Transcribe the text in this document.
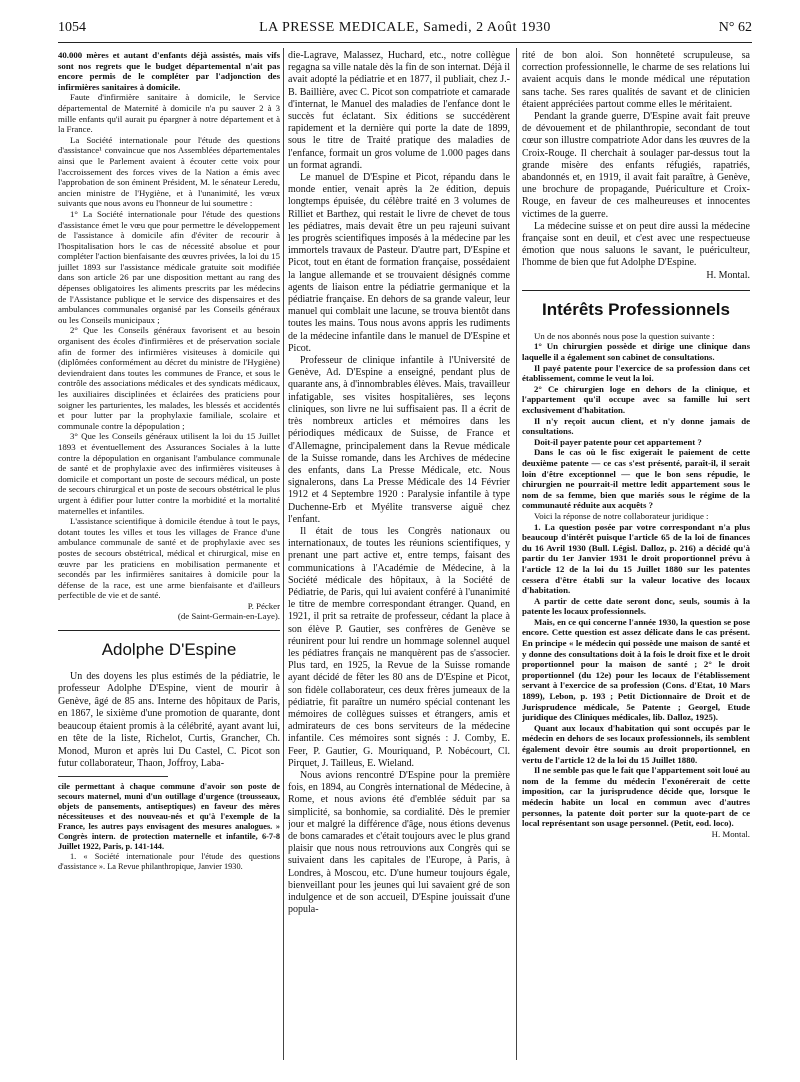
1054	LA PRESSE MEDICALE, Samedi, 2 Août 1930	N° 62

40.000 mères et autant d'enfants déjà assistés, mais vifs sont nos regrets que le budget départemental n'ait pas encore permis de le compléter par l'adjonction des infirmières sanitaires à domicile.

Faute d'infirmière sanitaire à domicile, le Service départemental de Maternité à domicile n'a pu sauver 2 à 3 mille enfants qu'il aurait pu épargner à notre département et à la France.

La Société internationale pour l'étude des questions d'assistance¹ convaincue que nos Assemblées départementales ainsi que le Parlement avaient à écouter cette voix pour l'accroissement des forces vives de la Nation a émis avec l'approbation de son éminent Président, M. le sénateur Leredu, ancien ministre de l'Hygiène, et à l'unanimité, les vœux suivants que nous avons eu l'honneur de lui soumettre :

1° La Société internationale pour l'étude des questions d'assistance émet le vœu que pour permettre le développement de l'assistance à domicile afin d'éviter de recourir à l'hospitalisation hors le cas de nécessité absolue et pour compléter l'action bienfaisante des œuvres privées, la loi du 15 juillet 1893 sur l'assistance médicale gratuite soit modifiée dans son article 26 par une disposition mettant au rang des dépenses obligatoires les aliments prescrits par les médecins de l'Assistance publique et le service des dispensaires et des ambulances communales organisé par les Conseils généraux ou les Conseils municipaux ;

2° Que les Conseils généraux favorisent et au besoin organisent des écoles d'infirmières et de préservation sociale afin de former des infirmières visiteuses à domicile qui (diplômées conformément au décret du ministre de l'Hygiène) deviendraient dans toutes les communes de France, et sous le contrôle des associations médicales et des syndicats médicaux, les auxiliaires disciplinées et éclairées des praticiens pour soigner les parturientes, les malades, les blessés et accidentés et pour lutter par la prophylaxie familiale, scolaire et communale contre la dépopulation ;

3° Que les Conseils généraux utilisent la loi du 15 Juillet 1893 et éventuellement des Assurances Sociales à la lutte contre la dépopulation en organisant l'ambulance communale de santé et de prophylaxie avec des infirmières visiteuses à domicile et comportant un poste de secours médical, un poste de secours chirurgical et un poste de secours obstétrical le plus urgent à édifier pour lutter contre la morbidité et la mortalité maternelles et infantiles.

L'assistance scientifique à domicile étendue à tout le pays, dotant toutes les villes et tous les villages de France d'une ambulance communale de santé et de prophylaxie avec ses postes de secours obstétrical, médical et chirurgical, mise en œuvre par les praticiens en mobilisation permanente et secondés par les infirmières sanitaires à domicile pour la défense de la race, est une arme bienfaisante et d'ailleurs perfectible de vie et de santé.

P. Pécker

(de Saint-Germain-en-Laye).

Adolphe D'Espine

Un des doyens les plus estimés de la pédiatrie, le professeur Adolphe D'Espine, vient de mourir à Genève, âgé de 85 ans. Interne des hôpitaux de Paris, en 1867, le sixième d'une promotion de quarante, dont beaucoup étaient promis à la célébrité, ayant avant lui, en tête de la liste, Richelot, Curtis, Grancher, Ch. Monod, Muron et après lui Du Castel, C. Picot son futur collaborateur, Thaon, Joffroy, Laba-

cile permettant à chaque commune d'avoir son poste de secours maternel, muni d'un outillage d'urgence (trousseaux, objets de pansements, antiseptiques) en faveur des mères nécessiteuses et des nouveau-nés et qu'à l'exemple de la France, les autres pays envisagent des mesures analogues. » Congrès intern. de protection maternelle et infantile, 6-7-8 Juillet 1922, Paris, p. 141-144.

1. « Société internationale pour l'étude des questions d'assistance ». La Revue philanthropique, Janvier 1930.

die-Lagrave, Malassez, Huchard, etc., notre collègue regagna sa ville natale dès la fin de son internat. Déjà il avait adopté la pédiatrie et en 1877, il publiait, chez J.-B. Baillière, avec C. Picot son compatriote et camarade d'internat, le Manuel des maladies de l'enfance dont le succès fut éclatant. Six éditions se succédèrent rapidement et la dernière qui porte la date de 1899, sous le titre de Traité pratique des maladies de l'enfance, formait un gros volume de 1.000 pages dans un format agrandi.

Le manuel de D'Espine et Picot, répandu dans le monde entier, venait après la 2e édition, depuis longtemps épuisée, du célèbre traité en 3 volumes de Rilliet et Barthez, qui restait le livre de chevet de tous les pédiatres, mais devait être un peu rajeuni suivant les progrès scientifiques imposés à la médecine par les immortels travaux de Pasteur. D'autre part, D'Espine et Picot, tout en étant de formation française, possédaient la langue allemande et se trouvaient désignés comme agents de liaison entre la pédiatrie germanique et la pédiatrie française. En dehors de sa grande valeur, leur manuel qui comblait une lacune, se trouva bientôt dans toutes les mains. Tous nous avons appris les rudiments de la médecine infantile dans le manuel de D'Espine et Picot.

Professeur de clinique infantile à l'Université de Genève, Ad. D'Espine a enseigné, pendant plus de quarante ans, à d'innombrables élèves. Mais, travailleur infatigable, ses visites hospitalières, ses leçons cliniques, son livre ne lui suffisaient pas. Il a écrit de très nombreux articles et mémoires dans les périodiques médicaux de Suisse, de France et d'Allemagne, principalement dans la Revue médicale de la Suisse romande, dans les Archives de médecine des enfants, dans La Presse Médicale, etc. Nous signalerons, dans La Presse Médicale des 14 Février 1912 et 4 Septembre 1920 : Paralysie infantile à type Duchenne-Erb et Myélite transverse aiguë chez l'enfant.

Il était de tous les Congrès nationaux ou internationaux, de toutes les réunions scientifiques, y prenant une part active et, entre temps, faisant des communications à l'Académie de Médecine, à la Société médicale des hôpitaux, à la Société de Pédiatrie, de Paris, qui lui avaient conféré à l'unanimité le titre de membre correspondant étranger. Quand, en 1921, il prit sa retraite de professeur, cédant la place à son élève P. Gautier, ses confrères de Genève se réunirent pour lui rendre un hommage solennel auquel les pédiatres français ne manquèrent pas de s'associer. Plus tard, en 1925, la Revue de la Suisse romande ayant décidé de fêter les 80 ans de D'Espine et Picot, son fidèle collaborateur, ces deux frères jumeaux de la pédiatrie, fit paraître un numéro spécial contenant les mémoires de collègues suisses et étrangers, amis et admirateurs de ces bons serviteurs de la médecine infantile. Ces mémoires sont signés : J. Comby, E. Feer, P. Gautier, G. Mouriquand, P. Nobécourt, Cl. Pirquet, J. Tailleus, E. Wieland.

Nous avions rencontré D'Espine pour la première fois, en 1894, au Congrès international de Médecine, à Rome, et nous avions été d'emblée séduit par sa simplicité, sa bonhomie, sa cordialité. Dès le premier jour et malgré la différence d'âge, nous étions devenus de bons camarades et c'était toujours avec le plus grand plaisir que nous nous retrouvions aux Congrès qui se suivaient dans les capitales de l'Europe, à Paris, à Londres, à Moscou, etc. D'une humeur toujours égale, bienveillant pour les jeunes qui lui savaient gré de son indulgence et de son accueil, D'Espine jouissait d'une popula-

rité de bon aloi. Son honnêteté scrupuleuse, sa correction professionnelle, le charme de ses relations lui avaient acquis dans le monde médical une réputation sans tache. Ses rares qualités de savant et de clinicien étaient appréciées partout comme elles le méritaient.

Pendant la grande guerre, D'Espine avait fait preuve de dévouement et de philanthropie, secondant de tout cœur son illustre compatriote Ador dans les œuvres de la Croix-Rouge. Il cherchait à soulager par-dessus tout la grande misère des enfants réfugiés, rapatriés, abandonnés et, en 1919, il avait fait paraître, à Genève, une brochure de propagande, Puériculture et Croix-Rouge, en faveur de ces malheureuses et innocentes victimes de la guerre.

La médecine suisse et on peut dire aussi la médecine française sont en deuil, et c'est avec une respectueuse émotion que nous saluons le savant, le puériculteur, l'homme de bien que fut Adolphe D'Espine.

H. Montal.

Intérêts Professionnels

Un de nos abonnés nous pose la question suivante :

1° Un chirurgien possède et dirige une clinique dans laquelle il a également son cabinet de consultations.

Il payé patente pour l'exercice de sa profession dans cet établissement, comme le veut la loi.

2° Ce chirurgien loge en dehors de la clinique, et l'appartement qu'il occupe avec sa famille lui sert exclusivement d'habitation.

Il n'y reçoit aucun client, et n'y donne jamais de consultations.

Doit-il payer patente pour cet appartement ?

Dans le cas où le fisc exigerait le paiement de cette deuxième patente — ce cas s'est présenté, paraît-il, il serait loin d'être exceptionnel — que le bon sens répudie, le chirurgien ne pourrait-il mettre ledit appartement sous le nom de sa femme, bien que mariés sous le régime de la communauté réduite aux acquêts ?

Voici la réponse de notre collaborateur juridique :

1. La question posée par votre correspondant n'a plus beaucoup d'intérêt puisque l'article 65 de la loi de finances du 16 Avril 1930 (Bull. Législ. Dalloz, p. 216) a décidé qu'à partir du 1er Janvier 1931 le droit proportionnel prévu à l'article 12 de la loi du 15 Juillet 1880 sur les patentes cessera d'être établi sur la valeur locative des locaux d'habitation.

A partir de cette date seront donc, seuls, soumis à la patente les locaux professionnels.

Mais, en ce qui concerne l'année 1930, la question se pose encore. Cette question est assez délicate dans le cas présent. En principe « le médecin qui possède une maison de santé et y donne des consultations doit à la fois le droit fixe et le droit proportionnel pour la maison de santé ; 2° le droit proportionnel (du 12e) pour les locaux de l'établissement servant à l'exercice de sa profession (Cons. d'Etat, 10 Mars 1899), Lebon, p. 193 ; Petit Dictionnaire de Droit et de Jurisprudence médicale, 5e Patente ; Georgel, Etude juridique des Cliniques médicales, lib. Dalloz, 1925).

Quant aux locaux d'habitation qui sont occupés par le médecin en dehors de ses locaux professionnels, ils semblent également devoir être soumis au droit proportionnel, en vertu de l'article 12 de la loi du 15 Juillet 1880.

Il ne semble pas que le fait que l'appartement soit loué au nom de la femme du médecin l'exonérerait de cette imposition, car la jurisprudence décide que, lorsque le médecin habite un local en commun avec d'autres personnes, la patente doit porter sur la quote-part de ce local représentant son usage personnel. (Petit, eod. loco).

H. Montal.
